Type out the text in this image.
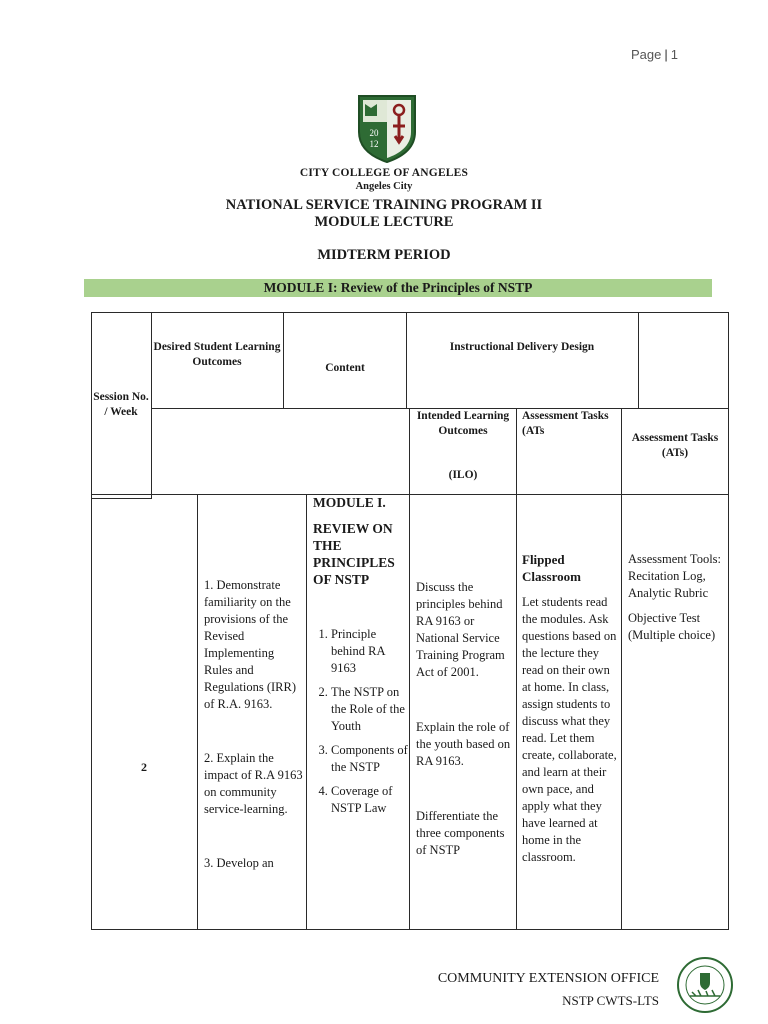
Page | 1
20
12
CITY COLLEGE OF ANGELES
Angeles City
NATIONAL SERVICE TRAINING PROGRAM II
MODULE LECTURE
MIDTERM PERIOD
MODULE I: Review of the Principles of NSTP
Session No. / Week
Desired Student Learning Outcomes	Content
Instructional Delivery Design
Intended Learning Outcomes
(ILO)
Assessment Tasks (ATs
Assessment Tasks (ATs)
2

1. Demonstrate familiarity on the provisions of the Revised Implementing Rules and Regulations (IRR) of R.A. 9163.

2. Explain the impact of R.A 9163 on community service-learning.

3. Develop an

MODULE I.

REVIEW ON THE PRINCIPLES OF NSTP

1. Principle behind RA 9163
2. The NSTP on the Role of the Youth
3. Components of the NSTP
4. Coverage of NSTP Law

Discuss the principles behind RA 9163 or National Service Training Program Act of 2001.

Explain the role of the youth based on RA 9163.

Differentiate the three components of NSTP

Flipped Classroom

Let students read the modules. Ask questions based on the lecture they read on their own at home. In class, assign students to discuss what they read. Let them create, collaborate, and learn at their own pace, and apply what they have learned at home in the classroom.

Assessment Tools: Recitation Log, Analytic Rubric

Objective Test (Multiple choice)

COMMUNITY EXTENSION OFFICE
NSTP CWTS-LTS
